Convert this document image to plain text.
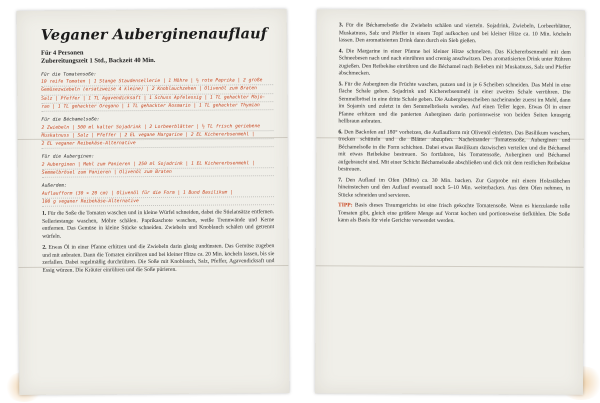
Veganer Auberginenauflauf
Für 4 Personen
Zubereitungszeit 1 Std., Backzeit 40 Min.
Für die Tomatensoße:
10 reife Tomaten | 1 Stange Staudensellerie | 1 Möhre | ½ rote Paprika | 2 große
Gemüsezwiebeln (ersatzweise 4 kleine) | 2 Knoblauchzehen | Olivenöl zum Braten
Salz | Pfeffer | 1 TL Agavendicksaft | 1 Schuss Apfelessig | 1 TL gehackter Majo-
ran | 1 TL gehackter Oregano | 1 TL gehackter Rosmarin | 1 TL gehackter Thymian
Für die Béchamelsoße:
2 Zwiebeln | 500 ml kalter Sojadrink | 2 Lorbeerblätter | ½ TL frisch geriebene
Muskatnuss | Salz | Pfeffer | 2 EL vegane Margarine | 2 EL Kichererbsenmehl |
2 EL veganer Reibekäse-Alternative
Für die Auberginen:
2 Auberginen | Mehl zum Panieren | 250 ml Sojadrink | 1 EL Kichererbsenmehl |
Semmelbrösel zum Panieren | Olivenöl zum Braten
Außerdem:
Auflaufform (30 × 20 cm) | Olivenöl für die Form | 1 Bund Basilikum |
100 g veganer Reibekäse-Alternative
1. Für die Soße die Tomaten waschen und in kleine Würfel schneiden, dabei die Stielansätze entfernen. Selleriestange waschen, Möhre schälen. Paprikaschote waschen, weiße Trennwände und Kerne entfernen. Das Gemüse in kleine Stücke schneiden. Zwiebeln und Knoblauch schälen und getrennt würfeln.
2. Etwas Öl in einer Pfanne erhitzen und die Zwiebeln darin glasig andünsten. Das Gemüse zugeben und mit anbraten. Dann die Tomaten einrühren und bei kleiner Hitze ca. 20 Min. köcheln lassen, bis sie zerfallen. Dabei regelmäßig durchrühren. Die Soße mit Knoblauch, Salz, Pfeffer, Agavendicksaft und Essig würzen. Die Kräuter einrühren und die Soße pürieren.
3. Für die Béchamelsoße die Zwiebeln schälen und vierteln. Sojadrink, Zwiebeln, Lorbeerblätter, Muskatnuss, Salz und Pfeffer in einem Topf aufkochen und bei kleiner Hitze ca. 10 Min. köcheln lassen. Den aromatisierten Drink dann durch ein Sieb gießen.
4. Die Margarine in einer Pfanne bei kleiner Hitze schmelzen. Das Kichererbsenmehl mit dem Schneebesen nach und nach einrühren und cremig anschwitzen. Den aromatisierten Drink unter Rühren zugießen. Den Reibekäse einrühren und die Béchamel nach Belieben mit Muskatnuss, Salz und Pfeffer abschmecken.
5. Für die Auberginen die Früchte waschen, putzen und in je 6 Scheiben schneiden. Das Mehl in eine flache Schale geben. Sojadrink und Kichererbsenmehl in einer zweiten Schale verrühren. Die Semmelbrösel in eine dritte Schale geben. Die Auberginenscheiben nacheinander zuerst im Mehl, dann im Sojamix und zuletzt in den Semmelbröseln wenden. Auf einen Teller legen. Etwas Öl in einer Pfanne erhitzen und die panierten Auberginen darin portionsweise von beiden Seiten knusprig hellbraun anbraten.
6. Den Backofen auf 180° vorheizen, die Auflaufform mit Olivenöl einfetten. Das Basilikum waschen, trocken schütteln und die Blätter abzupfen. Nacheinander Tomatensoße, Auberginen und Béchamelsoße in die Form schichten. Dabei etwas Basilikum dazwischen verteilen und die Béchamel mit etwas Reibekäse bestreuen. So fortfahren, bis Tomatensoße, Auberginen und Béchamel aufgebraucht sind. Mit einer Schicht Béchamelsoße abschließen und dick mit dem restlichen Reibekäse bestreuen.
7. Den Auflauf im Ofen (Mitte) ca. 30 Min. backen. Zur Garprobe mit einem Holzstäbchen hineinstechen und den Auflauf eventuell noch 5–10 Min. weiterbacken. Aus dem Ofen nehmen, in Stücke schneiden und servieren.
TIPP: Basis dieses Traumgerichts ist eine frisch gekochte Tomatensoße. Wenn es hierzulande tolle Tomaten gibt, gleich eine größere Menge auf Vorrat kochen und portionsweise tiefkühlen. Die Soße kann als Basis für viele Gerichte verwendet werden.
